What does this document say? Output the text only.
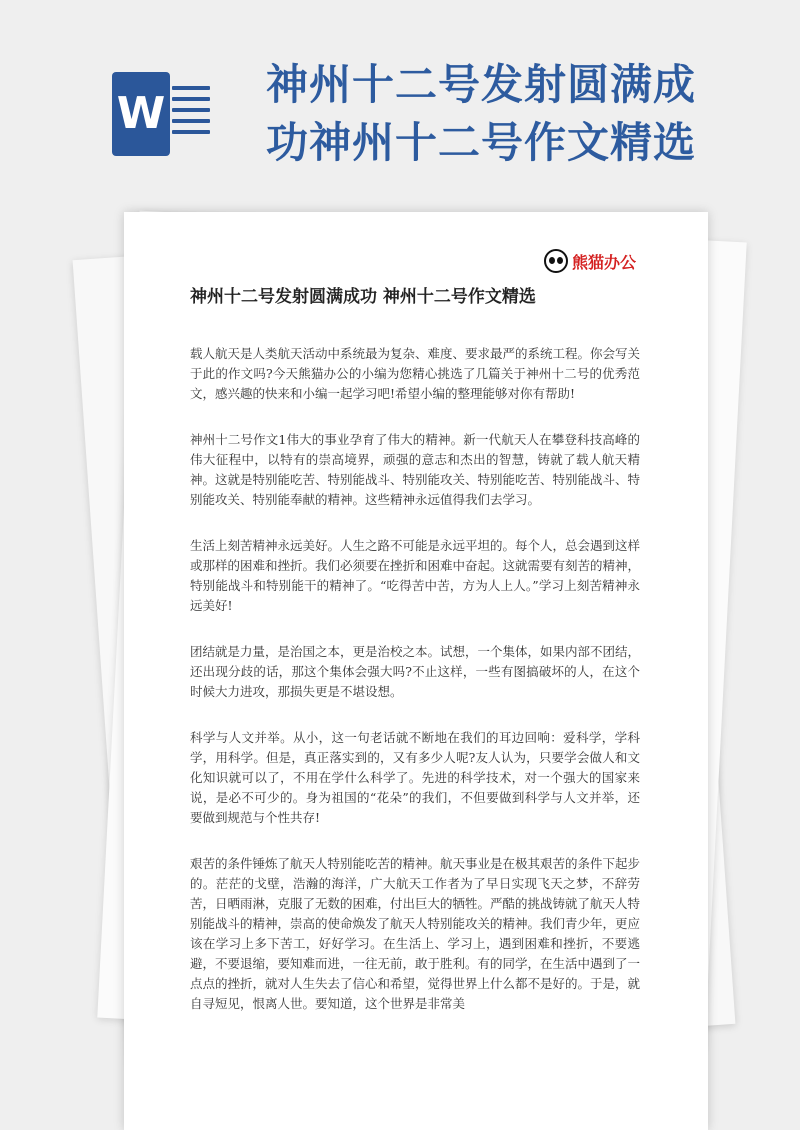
W
神州十二号发射圆满成
功神州十二号作文精选
熊猫办公
神州十二号发射圆满成功 神州十二号作文精选

载人航天是人类航天活动中系统最为复杂、难度、要求最严的系统工程。你会写关于此的作文吗?今天熊猫办公的小编为您精心挑选了几篇关于神州十二号的优秀范文，感兴趣的快来和小编一起学习吧!希望小编的整理能够对你有帮助!

神州十二号作文1伟大的事业孕育了伟大的精神。新一代航天人在攀登科技高峰的伟大征程中，以特有的崇高境界，顽强的意志和杰出的智慧，铸就了载人航天精神。这就是特别能吃苦、特别能战斗、特别能攻关、特别能吃苦、特别能战斗、特别能攻关、特别能奉献的精神。这些精神永远值得我们去学习。

生活上刻苦精神永远美好。人生之路不可能是永远平坦的。每个人，总会遇到这样或那样的困难和挫折。我们必须要在挫折和困难中奋起。这就需要有刻苦的精神，特别能战斗和特别能干的精神了。“吃得苦中苦，方为人上人。”学习上刻苦精神永远美好!

团结就是力量，是治国之本，更是治校之本。试想，一个集体，如果内部不团结，还出现分歧的话，那这个集体会强大吗?不止这样，一些有图搞破坏的人，在这个时候大力进攻，那损失更是不堪设想。

科学与人文并举。从小，这一句老话就不断地在我们的耳边回响：爱科学，学科学，用科学。但是，真正落实到的，又有多少人呢?友人认为，只要学会做人和文化知识就可以了，不用在学什么科学了。先进的科学技术，对一个强大的国家来说，是必不可少的。身为祖国的“花朵”的我们，不但要做到科学与人文并举，还要做到规范与个性共存!

艰苦的条件锤炼了航天人特别能吃苦的精神。航天事业是在极其艰苦的条件下起步的。茫茫的戈壁，浩瀚的海洋，广大航天工作者为了早日实现飞天之梦，不辞劳苦，日晒雨淋，克服了无数的困难，付出巨大的牺牲。严酷的挑战铸就了航天人特别能战斗的精神，崇高的使命焕发了航天人特别能攻关的精神。我们青少年，更应该在学习上多下苦工，好好学习。在生活上、学习上，遇到困难和挫折，不要逃避，不要退缩，要知难而进，一往无前，敢于胜利。有的同学，在生活中遇到了一点点的挫折，就对人生失去了信心和希望，觉得世界上什么都不是好的。于是，就自寻短见，恨离人世。要知道，这个世界是非常美
